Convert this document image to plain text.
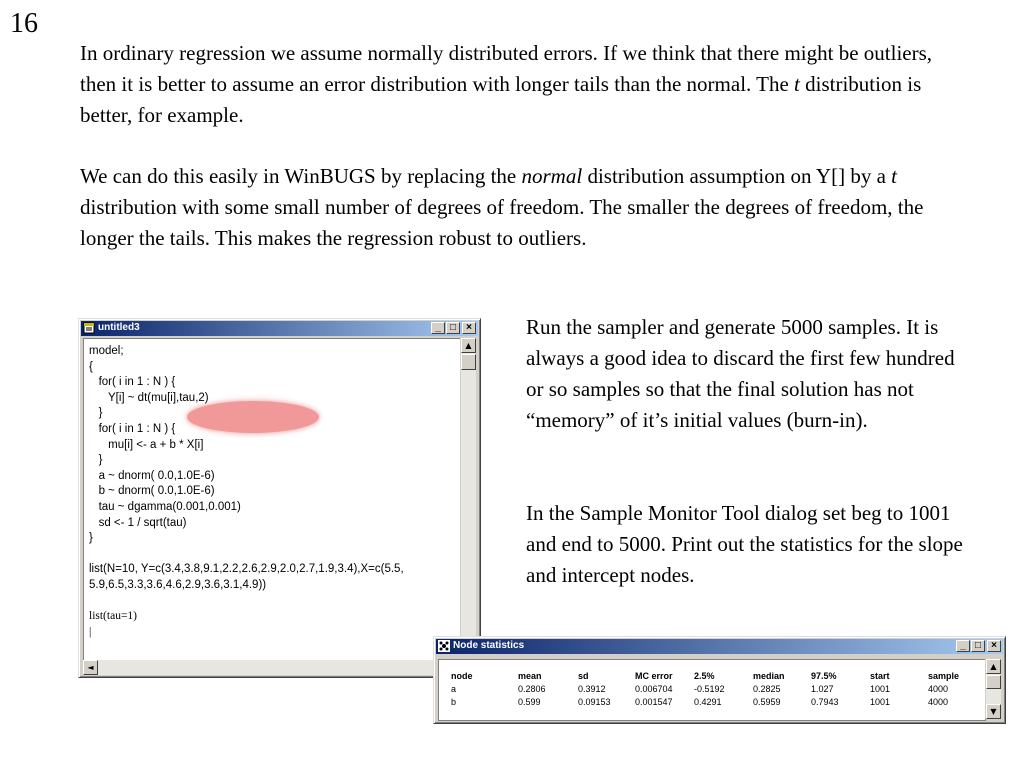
16
In ordinary regression we assume normally distributed errors. If we think that there might be outliers, then it is better to assume an error distribution with longer tails than the normal. The t distribution is better, for example.
We can do this easily in WinBUGS by replacing the normal distribution assumption on Y[] by a t distribution with some small number of degrees of freedom. The smaller the degrees of freedom, the longer the tails. This makes the regression robust to outliers.
Run the sampler and generate 5000 samples. It is always a good idea to discard the first few hundred or so samples so that the final solution has not “memory” of it’s initial values (burn-in).
In the Sample Monitor Tool dialog set beg to 1001 and end to 5000. Print out the statistics for the slope and intercept nodes.
untitled3	_ □	×
model;
{
for( i in 1 : N ) {
Y[i] ~ dt(mu[i],tau,2)
}
for( i in 1 : N ) {
mu[i] <- a + b * X[i]
}
a ~ dnorm( 0.0,1.0E-6)
b ~ dnorm( 0.0,1.0E-6)
tau ~ dgamma(0.001,0.001)
sd <- 1 / sqrt(tau)
}
list(N=10, Y=c(3.4,3.8,9.1,2.2,2.6,2.9,2.0,2.7,1.9,3.4),X=c(5.5,
5.9,6.5,3.3,3.6,4.6,2.9,3.6,3.1,4.9))
list(tau=1)
|
▲
◄
Node statistics	_ □	×
node	mean	sd	MC error	2.5%	median	97.5%	start	sample
a	0.2806	0.3912	0.006704	-0.5192	0.2825	1.027	1001	4000
b	0.599	0.09153	0.001547	0.4291	0.5959	0.7943	1001	4000
▲
▼
